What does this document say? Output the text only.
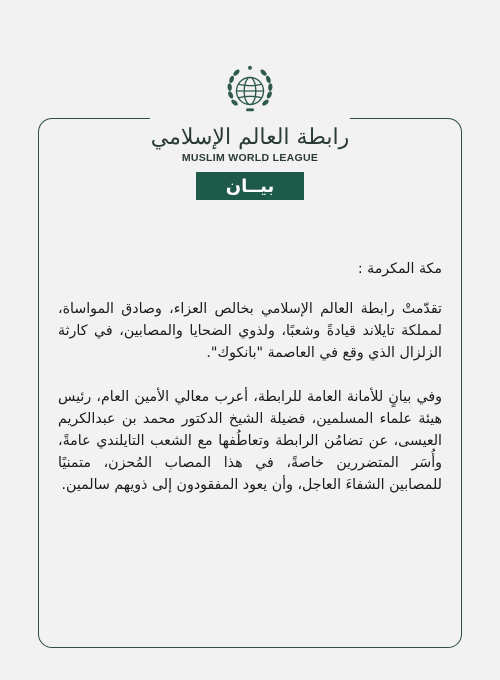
رابطة العالم الإسلامي
MUSLIM WORLD LEAGUE
بيــان

مكة المكرمة :

تقدّمتْ رابطة العالم الإسلامي بخالص العزاء، وصادق المواساة، لمملكة تايلاند قيادةً وشعبًا، ولذوي الضحايا والمصابين، في كارثة الزلزال الذي وقع في العاصمة "بانكوك".

وفي بيانٍ للأمانة العامة للرابطة، أعرب معالي الأمين العام، رئيس هيئة علماء المسلمين، فضيلة الشيخ الدكتور محمد بن عبدالكريم العيسى، عن تضامُن الرابطة وتعاطُفها مع الشعب التايلندي عامةً، وأُسَر المتضررين خاصةً، في هذا المصاب المُحزن، متمنيًا للمصابين الشفاءَ العاجل، وأن يعود المفقودون إلى ذويهم سالمين.
